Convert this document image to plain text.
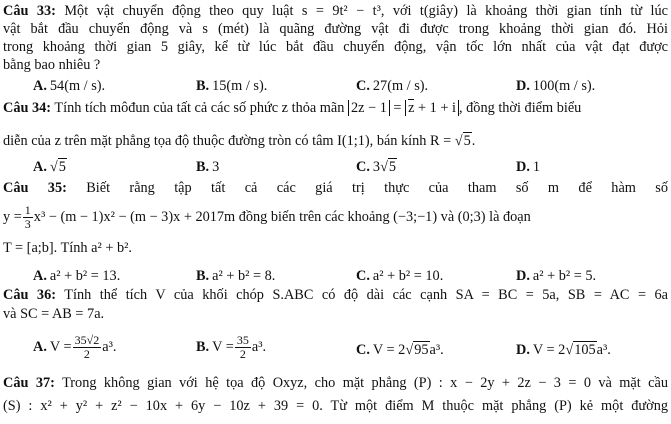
Câu 33: Một vật chuyển động theo quy luật s = 9t² − t³, với t(giây) là khoảng thời gian tính từ lúc
vật bắt đầu chuyển động và s (mét) là quãng đường vật đi được trong khoảng thời gian đó. Hỏi
trong khoảng thời gian 5 giây, kể từ lúc bắt đầu chuyển động, vận tốc lớn nhất của vật đạt được
bằng bao nhiêu ?
A. 54(m / s).	B. 15(m / s).	C. 27(m / s).	D. 100(m / s).
Câu 34: Tính tích môđun của tất cả các số phức z thỏa mãn 2z − 1 = z + 1 + i , đồng thời điểm biểu
diễn của z trên mặt phẳng tọa độ thuộc đường tròn có tâm I(1;1), bán kính R = √5.
A. √5	B. 3	C. 3√5	D. 1
Câu 35: Biết rằng tập tất cả các giá trị thực của tham số m để hàm số
$y = \frac{1}{3} x^3 - (m - 1)x^2 - (m - 3)x + 2017m$ đồng biến trên các khoảng (−3;−1) và (0;3) là đoạn
T = [a;b]. Tính a² + b².
A. a² + b² = 13.	B. a² + b² = 8.	C. a² + b² = 10.	D. a² + b² = 5.
Câu 36: Tính thể tích V của khối chóp S.ABC có độ dài các cạnh SA = BC = 5a, SB = AC = 6a
và SC = AB = 7a.
A. $V = \frac{35√2}{2} a^3$.	B. $V = \frac{35}{2} a^3$.	C. V = 2√95a³.	D. V = 2√105a³.
Câu 37: Trong không gian với hệ tọa độ Oxyz, cho mặt phẳng (P) : x − 2y + 2z − 3 = 0 và mặt cầu
(S) : x² + y² + z² − 10x + 6y − 10z + 39 = 0. Từ một điểm M thuộc mặt phẳng (P) kẻ một đường
